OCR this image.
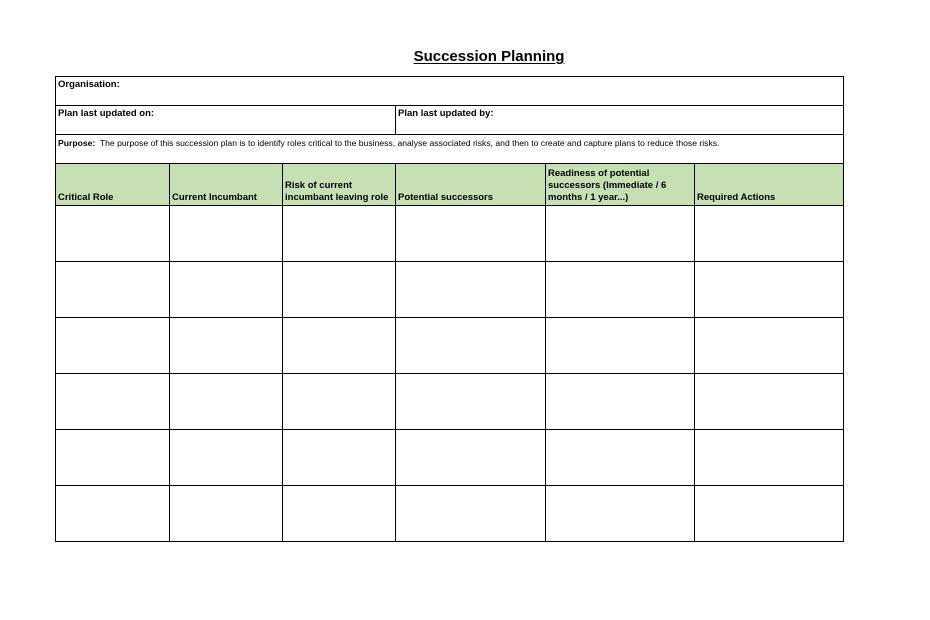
Succession Planning
Organisation:					
Plan last updated on:			Plan last updated by:		
Purpose: The purpose of this succession plan is to identify roles critical to the business, analyse associated risks, and then to create and capture plans to reduce those risks.					
Critical Role	Current Incumbant	Risk of current incumbant leaving role	Potential successors	Readiness of potential successors (Immediate / 6 months / 1 year...)	Required Actions
